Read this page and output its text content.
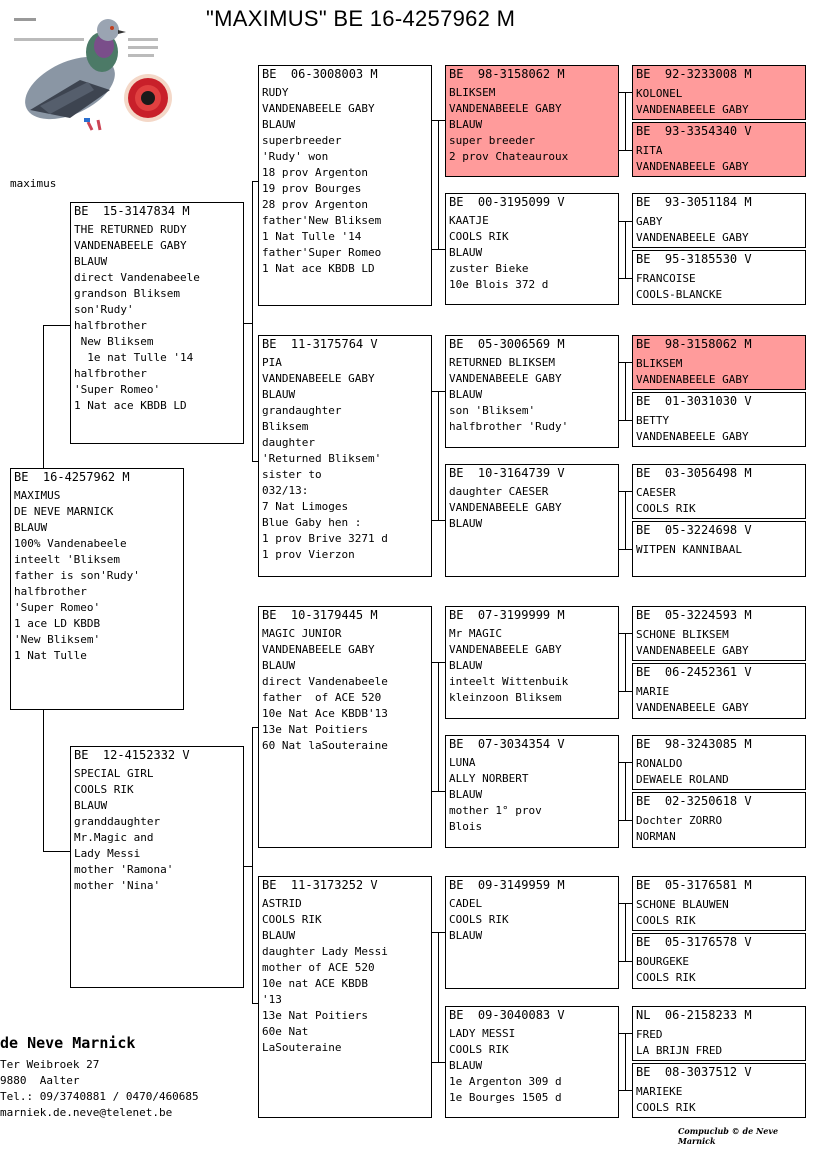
"MAXIMUS" BE 16-4257962 M
maximus
BE  16-4257962 M
MAXIMUS
DE NEVE MARNICK
BLAUW
100% Vandenabeele
inteelt 'Bliksem
father is son'Rudy'
halfbrother
'Super Romeo'
1 ace LD KBDB
'New Bliksem'
1 Nat Tulle
BE  15-3147834 M
THE RETURNED RUDY
VANDENABEELE GABY
BLAUW
direct Vandenabeele
grandson Bliksem
son'Rudy'
halfbrother
New Bliksem
1e nat Tulle '14
halfbrother
'Super Romeo'
1 Nat ace KBDB LD
BE  12-4152332 V
SPECIAL GIRL
COOLS RIK
BLAUW
granddaughter
Mr.Magic and
Lady Messi
mother 'Ramona'
mother 'Nina'
BE  06-3008003 M
RUDY
VANDENABEELE GABY
BLAUW
superbreeder
'Rudy' won
18 prov Argenton
19 prov Bourges
28 prov Argenton
father'New Bliksem
1 Nat Tulle '14
father'Super Romeo
1 Nat ace KBDB LD
BE  11-3175764 V
PIA
VANDENABEELE GABY
BLAUW
grandaughter
Bliksem
daughter
'Returned Bliksem'
sister to
032/13:
7 Nat Limoges
Blue Gaby hen :
1 prov Brive 3271 d
1 prov Vierzon
BE  10-3179445 M
MAGIC JUNIOR
VANDENABEELE GABY
BLAUW
direct Vandenabeele
father  of ACE 520
10e Nat Ace KBDB'13
13e Nat Poitiers
60 Nat laSouteraine
BE  11-3173252 V
ASTRID
COOLS RIK
BLAUW
daughter Lady Messi
mother of ACE 520
10e nat ACE KBDB
'13
13e Nat Poitiers
60e Nat
LaSouteraine
BE  98-3158062 M
BLIKSEM
VANDENABEELE GABY
BLAUW
super breeder
2 prov Chateauroux
BE  00-3195099 V
KAATJE
COOLS RIK
BLAUW
zuster Bieke
10e Blois 372 d
BE  05-3006569 M
RETURNED BLIKSEM
VANDENABEELE GABY
BLAUW
son 'Bliksem'
halfbrother 'Rudy'
BE  10-3164739 V
daughter CAESER
VANDENABEELE GABY
BLAUW
BE  07-3199999 M
Mr MAGIC
VANDENABEELE GABY
BLAUW
inteelt Wittenbuik
kleinzoon Bliksem
BE  07-3034354 V
LUNA
ALLY NORBERT
BLAUW
mother 1° prov
Blois
BE  09-3149959 M
CADEL
COOLS RIK
BLAUW
BE  09-3040083 V
LADY MESSI
COOLS RIK
BLAUW
1e Argenton 309 d
1e Bourges 1505 d
BE  92-3233008 M
KOLONEL
VANDENABEELE GABY
BE  93-3354340 V
RITA
VANDENABEELE GABY
BE  93-3051184 M
GABY
VANDENABEELE GABY
BE  95-3185530 V
FRANCOISE
COOLS-BLANCKE
BE  98-3158062 M
BLIKSEM
VANDENABEELE GABY
BE  01-3031030 V
BETTY
VANDENABEELE GABY
BE  03-3056498 M
CAESER
COOLS RIK
BE  05-3224698 V
WITPEN KANNIBAAL
BE  05-3224593 M
SCHONE BLIKSEM
VANDENABEELE GABY
BE  06-2452361 V
MARIE
VANDENABEELE GABY
BE  98-3243085 M
RONALDO
DEWAELE ROLAND
BE  02-3250618 V
Dochter ZORRO
NORMAN
BE  05-3176581 M
SCHONE BLAUWEN
COOLS RIK
BE  05-3176578 V
BOURGEKE
COOLS RIK
NL  06-2158233 M
FRED
LA BRIJN FRED
BE  08-3037512 V
MARIEKE
COOLS RIK
de Neve Marnick
Ter Weibroek 27
9880  Aalter
Tel.: 09/3740881 / 0470/460685
marniek.de.neve@telenet.be
Compuclub © de Neve Marnick
